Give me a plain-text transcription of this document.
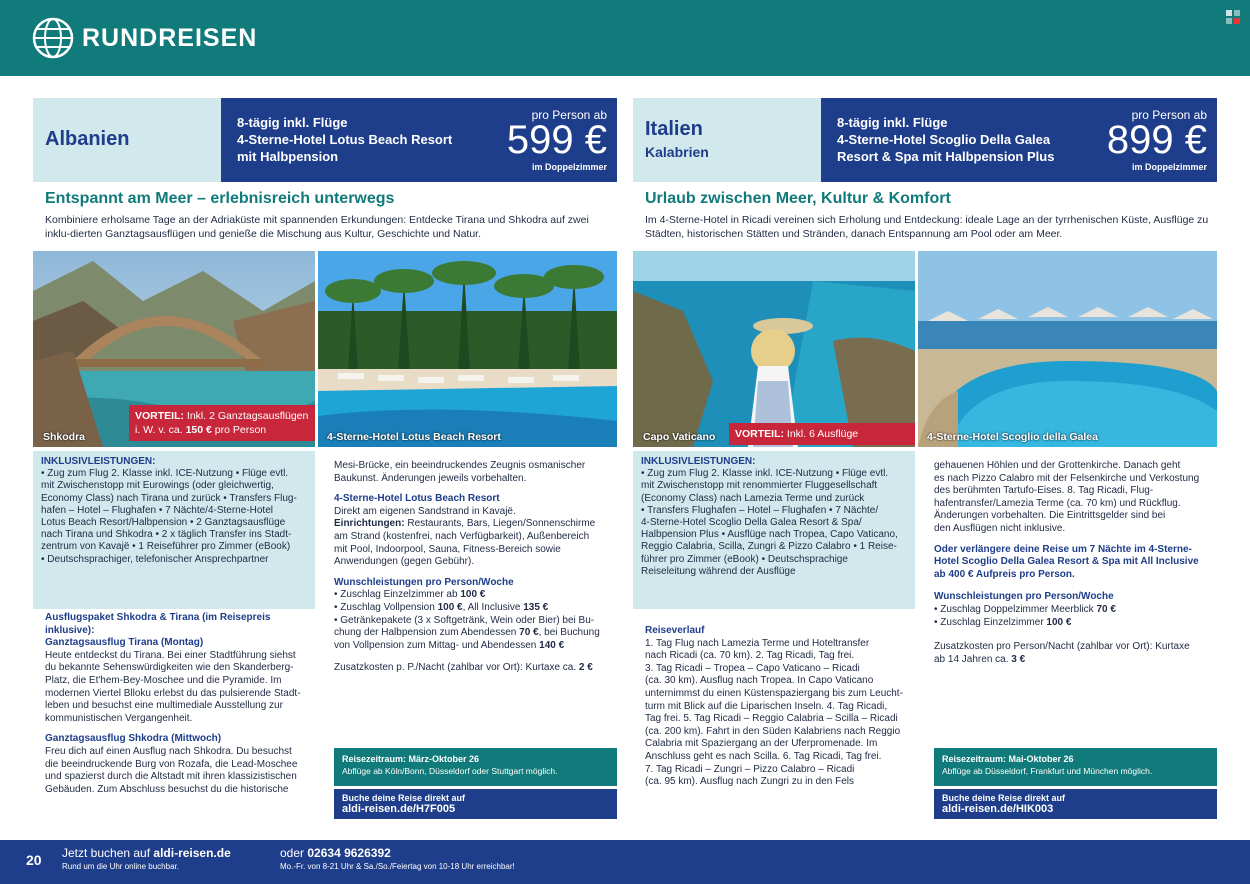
RUNDREISEN
Albanien
8-tägig inkl. Flüge
4-Sterne-Hotel Lotus Beach Resort
mit Halbpension
pro Person ab
599 €
im Doppelzimmer
Entspannt am Meer – erlebnisreich unterwegs
Kombiniere erholsame Tage an der Adriaküste mit spannenden Erkundungen: Entdecke Tirana und Shkodra auf zwei inklu-dierten Ganztagsausflügen und genieße die Mischung aus Kultur, Geschichte und Natur.
Shkodra	4-Sterne-Hotel Lotus Beach Resort
VORTEIL: Inkl. 2 Ganztagsausflügen
i. W. v. ca. 150 € pro Person
INKLUSIVLEISTUNGEN:
• Zug zum Flug 2. Klasse inkl. ICE-Nutzung • Flüge evtl.
mit Zwischenstopp mit Eurowings (oder gleichwertig,
Economy Class) nach Tirana und zurück • Transfers Flug-
hafen – Hotel – Flughafen • 7 Nächte/4-Sterne-Hotel
Lotus Beach Resort/Halbpension • 2 Ganztagsausflüge
nach Tirana und Shkodra • 2 x täglich Transfer ins Stadt-
zentrum von Kavajë • 1 Reiseführer pro Zimmer (eBook)
• Deutschsprachiger, telefonischer Ansprechpartner
Ausflugspaket Shkodra & Tirana (im Reisepreis inklusive):
Ganztagsausflug Tirana (Montag)
Heute entdeckst du Tirana. Bei einer Stadtführung siehst
du bekannte Sehenswürdigkeiten wie den Skanderberg-
Platz, die Et'hem-Bey-Moschee und die Pyramide. Im
modernen Viertel Blloku erlebst du das pulsierende Stadt-
leben und besuchst eine multimediale Ausstellung zur
kommunistischen Vergangenheit.
Ganztagsausflug Shkodra (Mittwoch)
Freu dich auf einen Ausflug nach Shkodra. Du besuchst
die beeindruckende Burg von Rozafa, die Lead-Moschee
und spazierst durch die Altstadt mit ihren klassizistischen
Gebäuden. Zum Abschluss besuchst du die historische
Mesi-Brücke, ein beeindruckendes Zeugnis osmanischer
Baukunst. Änderungen jeweils vorbehalten.
4-Sterne-Hotel Lotus Beach Resort
Direkt am eigenen Sandstrand in Kavajë.
Einrichtungen: Restaurants, Bars, Liegen/Sonnenschirme
am Strand (kostenfrei, nach Verfügbarkeit), Außenbereich
mit Pool, Indoorpool, Sauna, Fitness-Bereich sowie
Anwendungen (gegen Gebühr).
Wunschleistungen pro Person/Woche
• Zuschlag Einzelzimmer ab 100 €
• Zuschlag Vollpension 100 €, All Inclusive 135 €
• Getränkepakete (3 x Softgetränk, Wein oder Bier) bei Bu-
chung der Halbpension zum Abendessen 70 €, bei Buchung
von Vollpension zum Mittag- und Abendessen 140 €
Zusatzkosten p. P./Nacht (zahlbar vor Ort): Kurtaxe ca. 2 €
Reisezeitraum: März-Oktober 26
Abflüge ab Köln/Bonn, Düsseldorf oder Stuttgart möglich.
Buche deine Reise direkt auf
aldi-reisen.de/H7F005
Italien
Kalabrien
8-tägig inkl. Flüge
4-Sterne-Hotel Scoglio Della Galea
Resort & Spa mit Halbpension Plus
pro Person ab
899 €
im Doppelzimmer
Urlaub zwischen Meer, Kultur & Komfort
Im 4-Sterne-Hotel in Ricadi vereinen sich Erholung und Entdeckung: ideale Lage an der tyrrhenischen Küste, Ausflüge zu Städten, historischen Stätten und Stränden, danach Entspannung am Pool oder am Meer.
Capo Vaticano	4-Sterne-Hotel Scoglio della Galea
VORTEIL: Inkl. 6 Ausflüge
INKLUSIVLEISTUNGEN:
• Zug zum Flug 2. Klasse inkl. ICE-Nutzung • Flüge evtl.
mit Zwischenstopp mit renommierter Fluggesellschaft
(Economy Class) nach Lamezia Terme und zurück
• Transfers Flughafen – Hotel – Flughafen • 7 Nächte/
4-Sterne-Hotel Scoglio Della Galea Resort & Spa/
Halbpension Plus • Ausflüge nach Tropea, Capo Vaticano,
Reggio Calabria, Scilla, Zungri & Pizzo Calabro • 1 Reise-
führer pro Zimmer (eBook) • Deutschsprachige
Reiseleitung während der Ausflüge
Reiseverlauf
1. Tag Flug nach Lamezia Terme und Hoteltransfer
nach Ricadi (ca. 70 km). 2. Tag Ricadi, Tag frei.
3. Tag Ricadi – Tropea – Capo Vaticano – Ricadi
(ca. 30 km). Ausflug nach Tropea. In Capo Vaticano
unternimmst du einen Küstenspaziergang bis zum Leucht-
turm mit Blick auf die Liparischen Inseln. 4. Tag Ricadi,
Tag frei. 5. Tag Ricadi – Reggio Calabria – Scilla – Ricadi
(ca. 200 km). Fahrt in den Süden Kalabriens nach Reggio
Calabria mit Spaziergang an der Uferpromenade. Im
Anschluss geht es nach Scilla. 6. Tag Ricadi, Tag frei.
7. Tag Ricadi – Zungri – Pizzo Calabro – Ricadi
(ca. 95 km). Ausflug nach Zungri zu in den Fels
gehauenen Höhlen und der Grottenkirche. Danach geht
es nach Pizzo Calabro mit der Felsenkirche und Verkostung
des berühmten Tartufo-Eises. 8. Tag Ricadi, Flug-
hafentransfer/Lamezia Terme (ca. 70 km) und Rückflug.
Änderungen vorbehalten. Die Eintrittsgelder sind bei
den Ausflügen nicht inklusive.
Oder verlängere deine Reise um 7 Nächte im 4-Sterne-
Hotel Scoglio Della Galea Resort & Spa mit All Inclusive
ab 400 € Aufpreis pro Person.
Wunschleistungen pro Person/Woche
• Zuschlag Doppelzimmer Meerblick 70 €
• Zuschlag Einzelzimmer 100 €
Zusatzkosten pro Person/Nacht (zahlbar vor Ort): Kurtaxe
ab 14 Jahren ca. 3 €
Reisezeitraum: Mai-Oktober 26
Abflüge ab Düsseldorf, Frankfurt und München möglich.
Buche deine Reise direkt auf
aldi-reisen.de/HIK003
20 Jetzt buchen auf aldi-reisen.de
Rund um die Uhr online buchbar.
oder 02634 9626392
Mo.-Fr. von 8-21 Uhr & Sa./So./Feiertag von 10-18 Uhr erreichbar!
